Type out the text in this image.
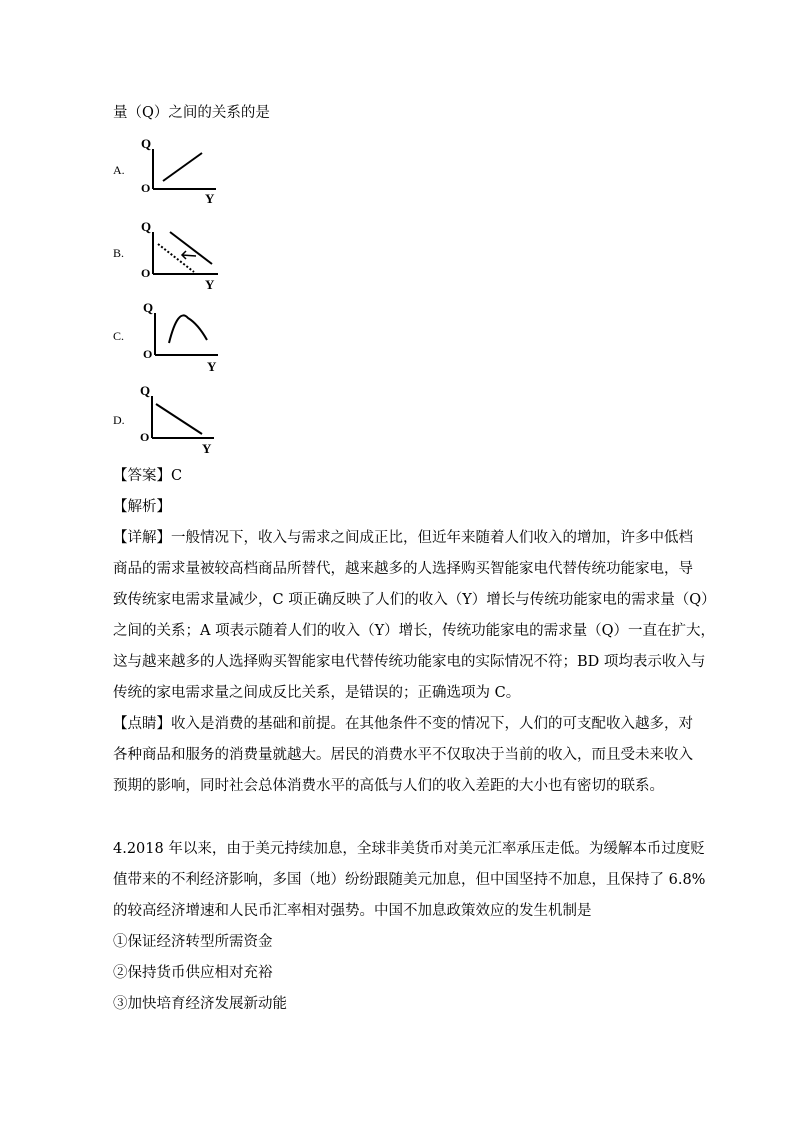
量（Q）之间的关系的是
A.
Q
O
Y
B.
Q
O
Y
C.
Q
O
Y
D.
Q
O
Y
【答案】C
【解析】
【详解】一般情况下，收入与需求之间成正比，但近年来随着人们收入的增加，许多中低档
商品的需求量被较高档商品所替代，越来越多的人选择购买智能家电代替传统功能家电，导
致传统家电需求量减少，C 项正确反映了人们的收入（Y）增长与传统功能家电的需求量（Q）
之间的关系；A 项表示随着人们的收入（Y）增长，传统功能家电的需求量（Q）一直在扩大，
这与越来越多的人选择购买智能家电代替传统功能家电的实际情况不符；BD 项均表示收入与
传统的家电需求量之间成反比关系，是错误的；正确选项为 C。
【点睛】收入是消费的基础和前提。在其他条件不变的情况下，人们的可支配收入越多，对
各种商品和服务的消费量就越大。居民的消费水平不仅取决于当前的收入，而且受未来收入
预期的影响，同时社会总体消费水平的高低与人们的收入差距的大小也有密切的联系。
4.2018 年以来，由于美元持续加息，全球非美货币对美元汇率承压走低。为缓解本币过度贬
值带来的不利经济影响，多国（地）纷纷跟随美元加息，但中国坚持不加息，且保持了 6.8%
的较高经济增速和人民币汇率相对强势。中国不加息政策效应的发生机制是
①保证经济转型所需资金
②保持货币供应相对充裕
③加快培育经济发展新动能
